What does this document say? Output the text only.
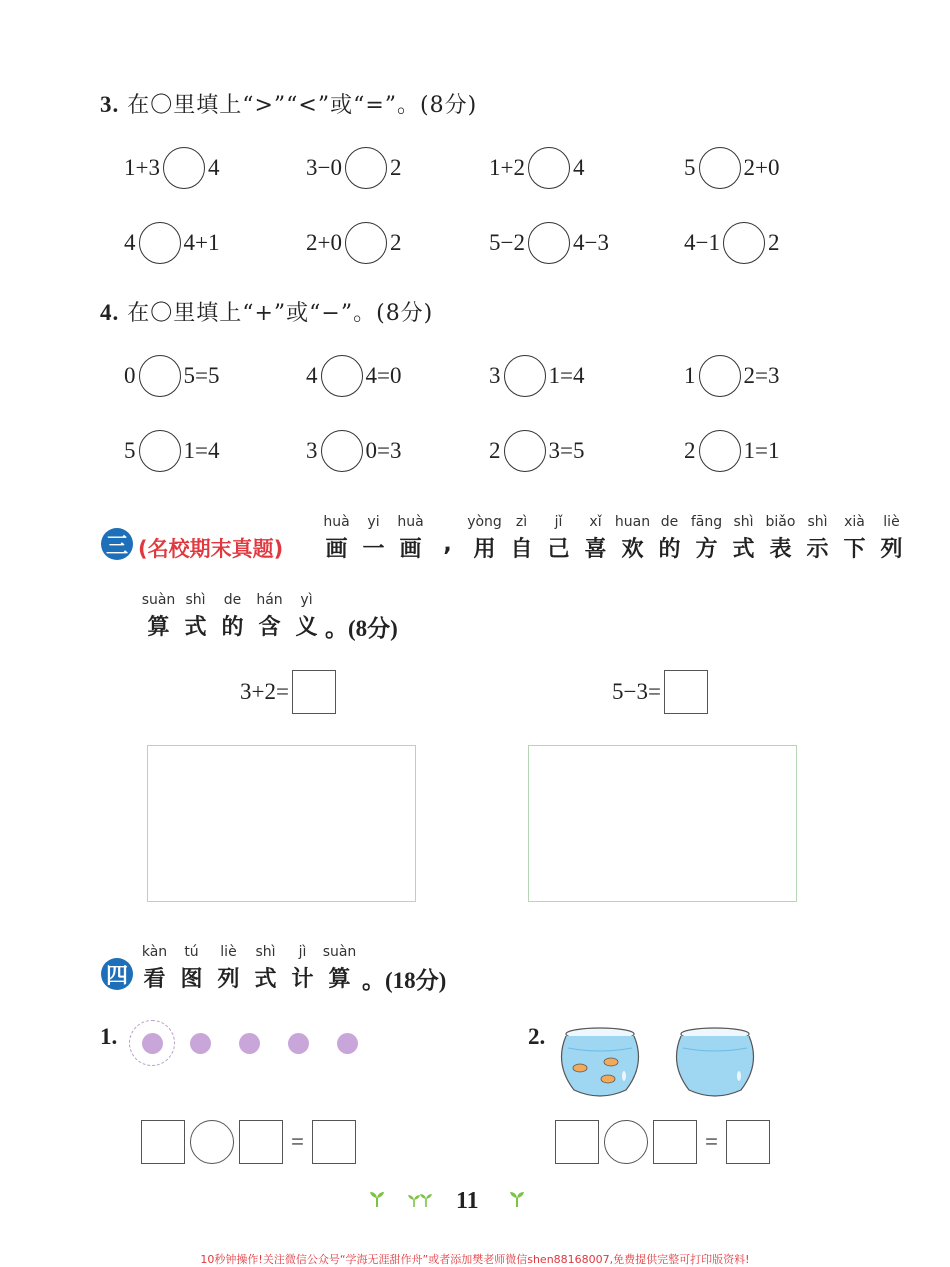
3. 在〇里填上“>”“<”或“=”。(8分)
1+3 4	3−0 2	1+2 4	5 2+0
4 4+1	2+0 2	5−2 4−3	4−1 2
4. 在〇里填上“+”或“−”。(8分)
0 5=5	4 4=0	3 1=4	1 2=3
5 1=4	3 0=3	2 3=5	2 1=1
三 (名校期末真题)
huà	yi	huà	yòng	zì	jǐ	xǐ huan de fāng shì biǎo shì	xià	liè
画 一 画 , 用 自 己 喜 欢 的 方 式 表 示 下 列
suàn shì	de	hán	yì
算 式 的 含 义 。(8分)
3+2=	5−3=
四
kàn	tú	liè	shì	jì	suàn
看 图 列 式 计 算 。(18分)
1.
=
2.
=
11
10秒钟操作!关注微信公众号“学海无涯甜作舟”或者添加樊老师微信shen88168007,免费提供完整可打印版资料!
